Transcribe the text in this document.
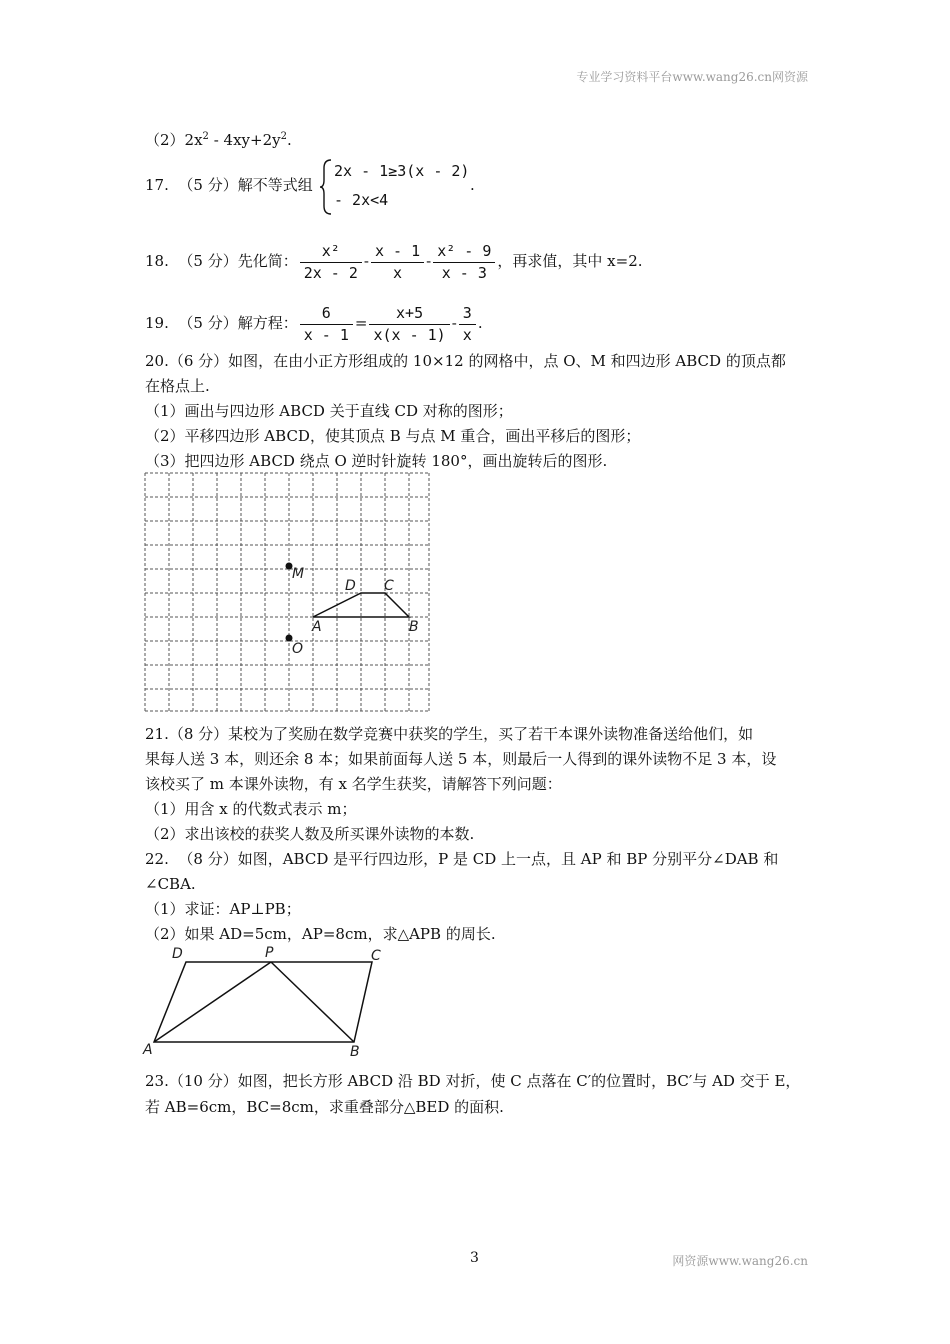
专业学习资料平台www.wang26.cn网资源
$(2)2x^2 - 4xy+2y^2$.
17.  （5 分）解不等式组
2x - 1≥3(x - 2)
- 2x<4
.
18.  （5 分）先化简： $\frac{\text{x²}}{2x - 2} - \frac{x - 1}{x} - \frac{\text{x² - 9}}{x - 3}$ ，再求值，其中 x=2.
19.  （5 分）解方程： $\frac{6}{x - 1} = \frac{x+5}{x(x - 1)} - \frac{3}{x}$ .
20.（6 分）如图，在由小正方形组成的 10×12 的网格中，点 O、M 和四边形 ABCD 的顶点都
在格点上.
（1）画出与四边形 ABCD 关于直线 CD 对称的图形；
（2）平移四边形 ABCD，使其顶点 B 与点 M 重合，画出平移后的图形；
（3）把四边形 ABCD 绕点 O 逆时针旋转 180°，画出旋转后的图形.
M
O
D C
A	B
21.（8 分）某校为了奖励在数学竞赛中获奖的学生，买了若干本课外读物准备送给他们，如
果每人送 3 本，则还余 8 本；如果前面每人送 5 本，则最后一人得到的课外读物不足 3 本，设
该校买了 m 本课外读物，有 x 名学生获奖，请解答下列问题：
（1）用含 x 的代数式表示 m；
（2）求出该校的获奖人数及所买课外读物的本数.
22.  （8 分）如图，ABCD 是平行四边形，P 是 CD 上一点，且 AP 和 BP 分别平分∠DAB 和
∠CBA.
（1）求证：AP⊥PB；
（2）如果 AD=5cm，AP=8cm，求△APB 的周长.
D	P	C
A	B
23.（10 分）如图，把长方形 ABCD 沿 BD 对折，使 C 点落在 C′的位置时，BC′与 AD 交于 E，
若 AB=6cm，BC=8cm，求重叠部分△BED 的面积.
3	网资源www.wang26.cn
